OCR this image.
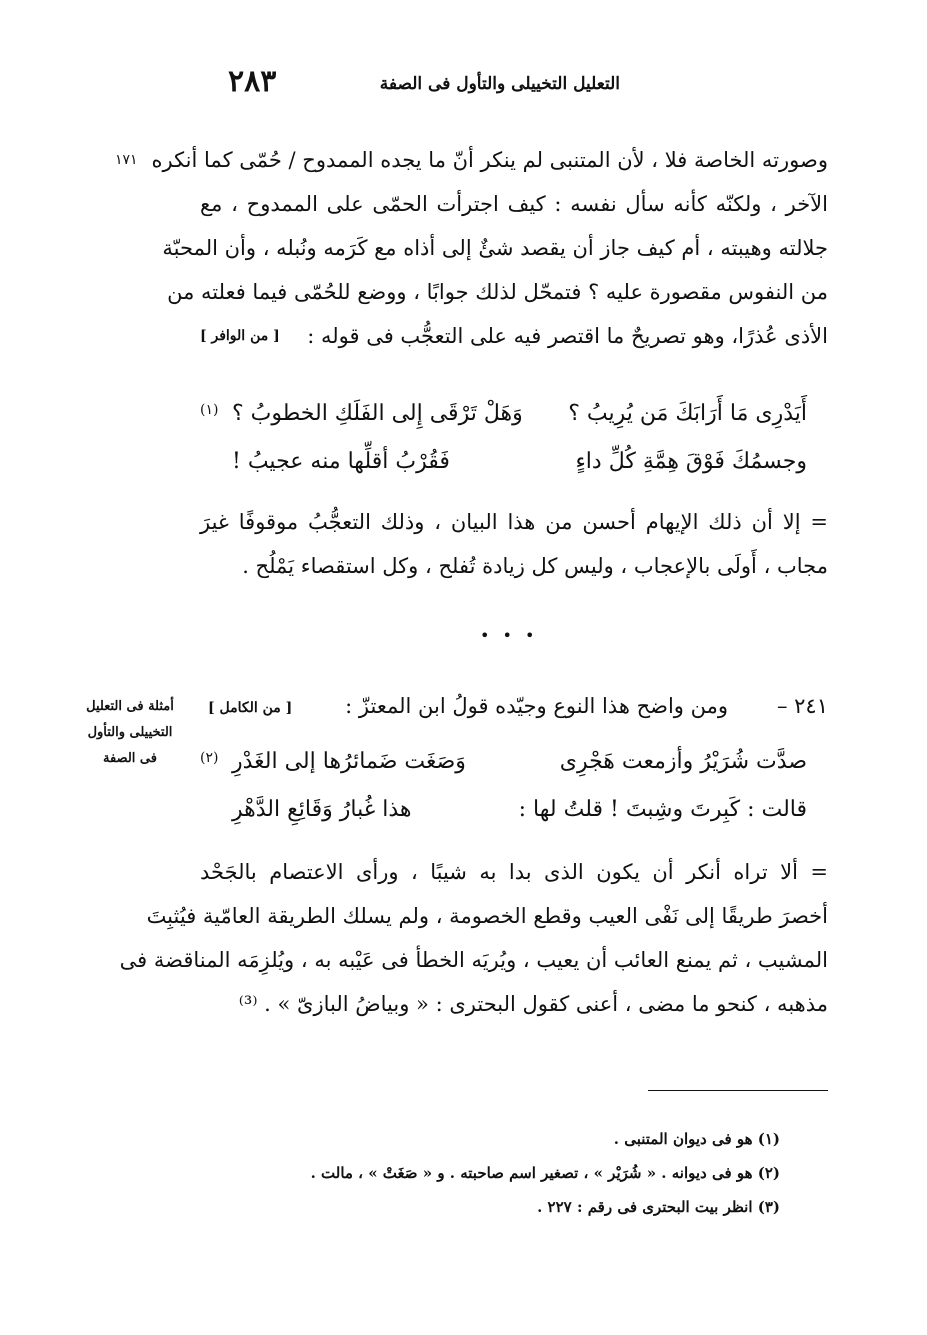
التعليل التخييلى والتأول فى الصفة
٢٨٣
١٧١
أمثلة فى التعليل
التخييلى والتأول
فى الصفة
وصورته الخاصة فلا ، لأن المتنبى لم ينكر أنّ ما يجده الممدوح / حُمّى كما أنكره
الآخر ، ولكنّه كأنه سأل نفسه : كيف اجترأت الحمّى على الممدوح ، مع
جلالته وهيبته ، أم كيف جاز أن يقصد شئٌ إلى أذاه مع كَرَمه ونُبله ، وأن المحبّة
من النفوس مقصورة عليه ؟ فتمحّل لذلك جوابًا ، ووضع للحُمّى فيما فعلته من
الأذى عُذرًا، وهو تصريحٌ ما اقتصر فيه على التعجُّب فى قوله :
[ من الوافر ]
أَيَدْرِى مَا أَرَابَكَ مَن يُرِيبُ ؟
وَهَلْ تَرْقَى إِلى الفَلَكِ الخطوبُ ؟
(١)
وجسمُكَ فَوْقَ هِمَّةِ كُلِّ داءٍ
فَقُرْبُ أقلِّها منه عجيبُ !
= إلا أن ذلك الإيهام أحسن من هذا البيان ، وذلك التعجُّبُ موقوفًا غيرَ
مجاب ، أَولَى بالإعجاب ، وليس كل زيادة تُفلح ، وكل استقصاء يَمْلُح .
• • •
٢٤١ –
ومن واضح هذا النوع وجيّده قولُ ابن المعتزّ :
[ من الكامل ]
صدَّت شُرَيْرُ وأزمعت هَجْرِى
وَصَغَت ضَمائرُها إلى الغَدْرِ
(٢)
قالت : كَبِرتَ وشِبتَ ! قلتُ لها :
هذا غُبارُ وَقَائِعِ الدَّهْرِ
= ألا تراه أنكر أن يكون الذى بدا به شيبًا ، ورأى الاعتصام بالجَحْد
أخصرَ طريقًا إلى نَفْى العيب وقطع الخصومة ، ولم يسلك الطريقة العامّية فيُثبِتَ
المشيب ، ثم يمنع العائب أن يعيب ، ويُريَه الخطأ فى عَيْبه به ، ويُلزِمَه المناقضة فى
مذهبه ، كنحو ما مضى ، أعنى كقول البحترى : « وبياضُ البازىّ » . ⁽³⁾
(١) هو فى ديوان المتنبى .
(٢) هو فى ديوانه . « شُرَيْر » ، تصغير اسم صاحبته . و « صَغَتْ » ، مالت .
(٣) انظر بيت البحترى فى رقم : ٢٢٧ .
